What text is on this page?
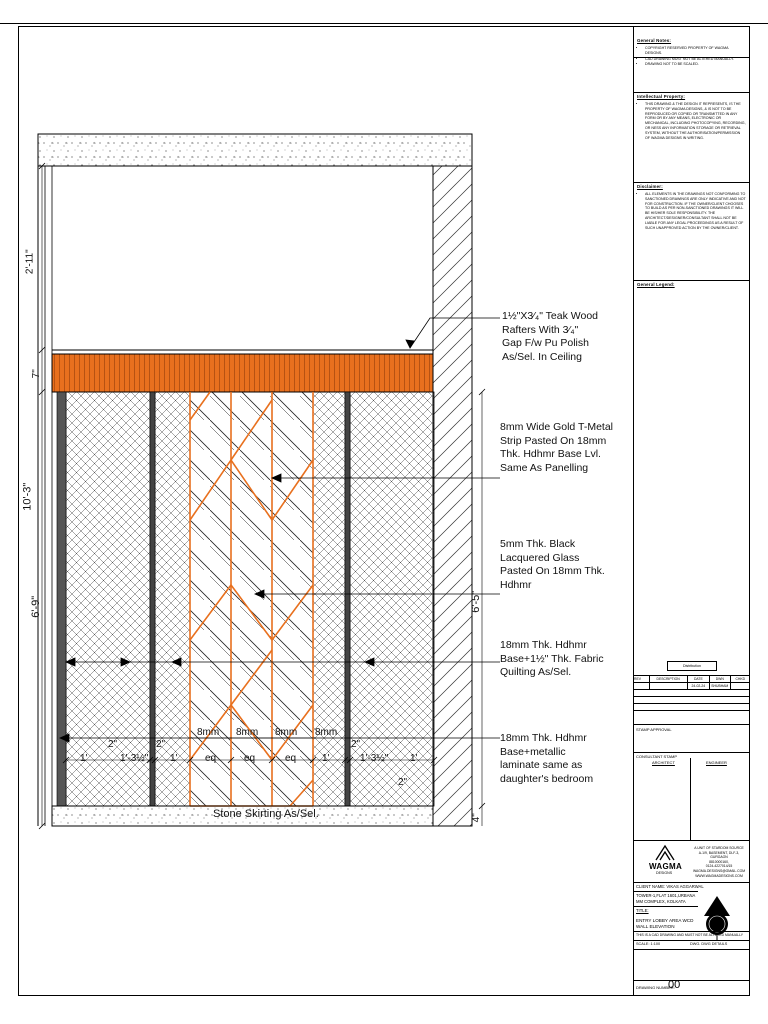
2'-11"
7"
10'-3"
6'-9"	6'-5"
4"
2"	2"	2"
2"
1'	1'-3½" 1'	eq	eq	eq	1'	1'-3½" 1'
8mm 8mm 8mm 8mm
Stone Skirting As/Sel.
1½"X3⁄₄" Teak Wood
Rafters With 3⁄₄"
Gap F/w Pu Polish
As/Sel. In Ceiling
8mm Wide Gold T-Metal
Strip Pasted On 18mm
Thk. Hdhmr Base Lvl.
Same As Panelling
5mm Thk. Black
Lacquered Glass
Pasted On 18mm Thk.
Hdhmr
18mm Thk. Hdhmr
Base+1½" Thk. Fabric
Quilting As/Sel.
18mm Thk. Hdhmr
Base+metallic
laminate same as
daughter's bedroom
General Notes:
• COPYRIGHT RESERVED PROPERTY OF WAGMA DESIGNS.
• CAD DRAWING MUST NOT BE ALTERED MANUALLY.
• DRAWING NOT TO BE SCALED.
Intellectual Property:
• THIS DRAWING & THE DESIGN IT REPRESENTS, IS THE PROPERTY OF WAGMA DESIGNS, & IS NOT TO BE REPRODUCED OR COPIED OR TRANSMITTED IN ANY FORM OR BY ANY MEANS, ELECTRONIC OR MECHANICAL, INCLUDING PHOTOCOPYING, RECORDING, OR NESS ANY INFORMATION STORAGE OR RETRIEVAL SYSTEM, WITHOUT THE AUTHORISATION/PERMISSION OF WAGMA DESIGNS IN WRITING.
Disclaimer:
• ALL ELEMENTS IN THE DRAWINGS NOT CONFORMING TO SANCTIONED DRAWINGS ARE ONLY INDICATIVE AND NOT FOR CONSTRUCTION. IF THE OWNER/CLIENT CHOOSES TO BUILD AS PER NON-SANCTIONED DRAWINGS IT WILL BE HIS/HER SOLE RESPONSIBILITY. THE ARCHITECT/DESIGNER/CONSULTANT SHALL NOT BE LIABLE FOR ANY LEGAL PROCEEDINGS AS A RESULT OF SUCH UNAPPROVED ACTION BY THE OWNER/CLIENT.
General Legend:
Distribution
REV	DESCRIPTION	DATE	DWN	CHKD
24-02-24	SHUBHAM
STAMP APPROVAL
CONSULTANT STAMP
ARCHITECT	ENGINEER
WAGMA
DESIGNS
A UNIT OF STARDOM SOURCE
A-1/9, BASEMENT, DLF-3,
GURGAON
8810000160,
0124-4227014/15
WAGMA.DESIGNS@GMAIL.COM
WWW.WAGMADESIGNS.COM
CLIENT NAME: VIKAS AGGARWAL
TOWER-1,FLAT 1601,URBANA
MM COMPLEX, KOLKATA
TITLE:
ENTRY LOBBY AREA WCD
WALL ELEVATION
THIS IS A CAD DRAWING AND MUST NOT BE ALTERED MANUALLY
SCALE: 1:100	DWG. DWG DETAILS
DRAWING NUMBER:
00
